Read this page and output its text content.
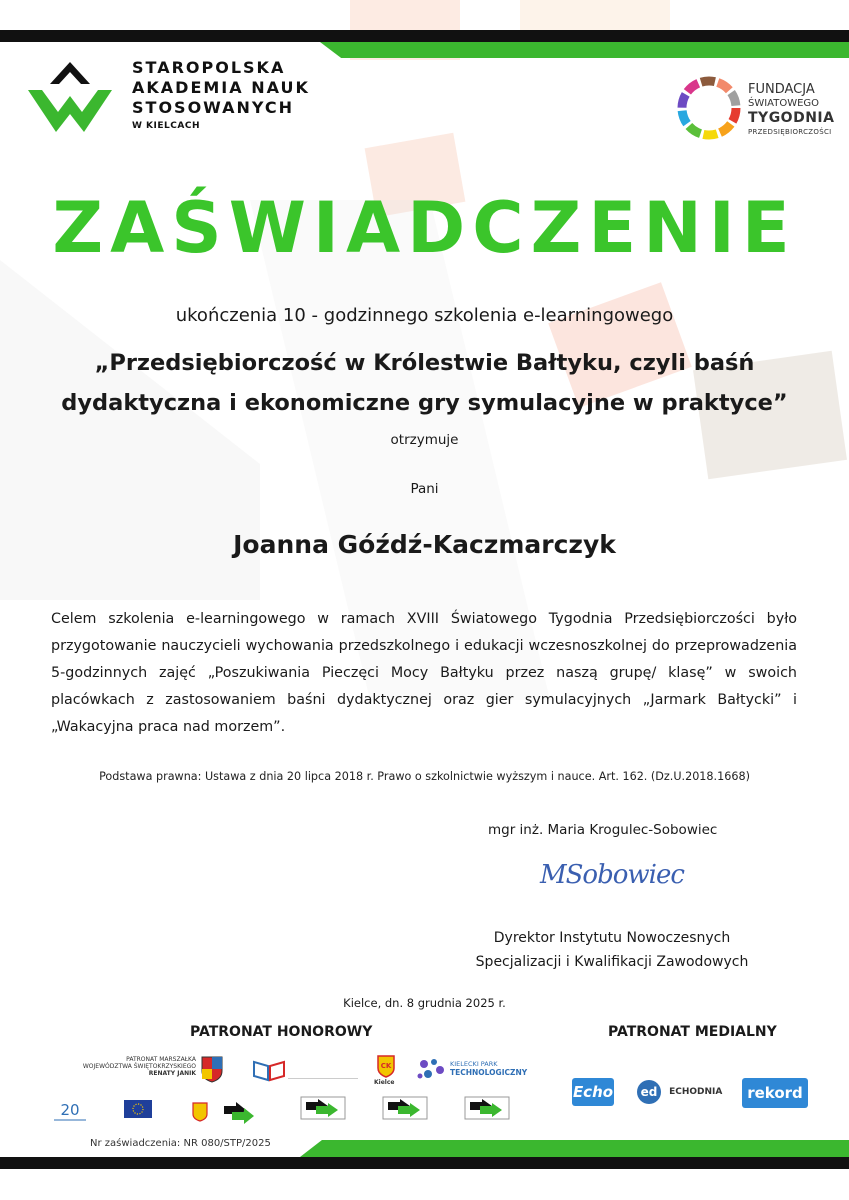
STAROPOLSKA
AKADEMIA NAUK
STOSOWANYCH
W KIELCACH
FUNDACJA
ŚWIATOWEGO
TYGODNIA
PRZEDSIĘBIORCZOŚCI
ZAŚWIADCZENIE
ukończenia 10 - godzinnego szkolenia e-learningowego
„Przedsiębiorczość w Królestwie Bałtyku, czyli baśń
dydaktyczna i ekonomiczne gry symulacyjne w praktyce”
otrzymuje
Pani
Joanna Góźdź-Kaczmarczyk
Celem szkolenia e-learningowego w ramach XVIII Światowego Tygodnia Przedsiębiorczości było przygotowanie nauczycieli wychowania przedszkolnego i edukacji wczesnoszkolnej do przeprowadzenia 5-godzinnych zajęć „Poszukiwania Pieczęci Mocy Bałtyku przez naszą grupę/ klasę” w swoich placówkach z zastosowaniem baśni dydaktycznej oraz gier symulacyjnych „Jarmark Bałtycki” i „Wakacyjna praca nad morzem”.
Podstawa prawna: Ustawa z dnia 20 lipca 2018 r. Prawo o szkolnictwie wyższym i nauce. Art. 162. (Dz.U.2018.1668)
mgr inż. Maria Krogulec-Sobowiec
MSobowiec
Dyrektor Instytutu Nowoczesnych
Specjalizacji i Kwalifikacji Zawodowych
Kielce, dn. 8 grudnia 2025 r.
PATRONAT HONOROWY	PATRONAT MEDIALNY
PATRONAT MARSZAŁKA
WOJEWÓDZTWA ŚWIĘTOKRZYSKIEGO
RENATY JANIK
CK
Kielce
KIELECKI PARK
TECHNOLOGICZNY
20
Echo	ed ECHODNIA	rekord
Nr zaświadczenia: NR 080/STP/2025
